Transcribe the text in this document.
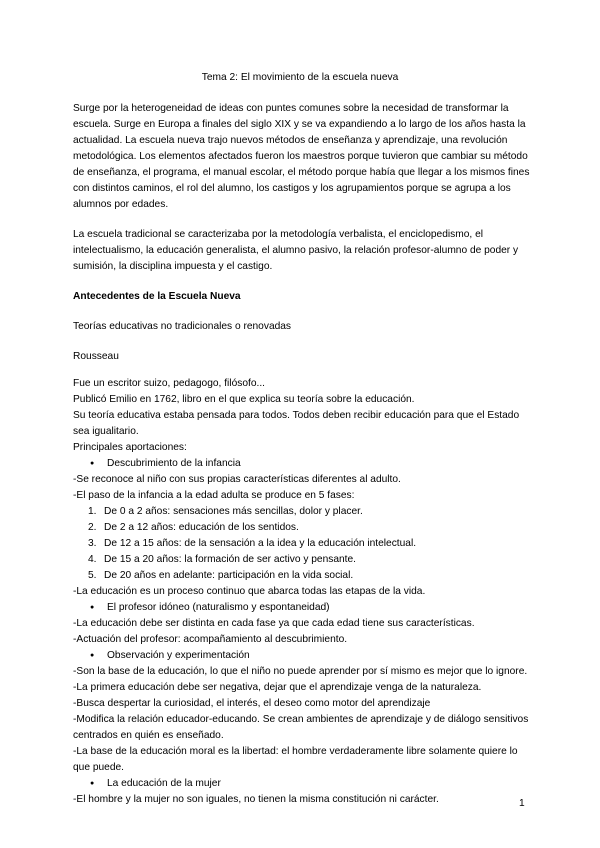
Tema 2: El movimiento de la escuela nueva

Surge por la heterogeneidad de ideas con puntes comunes sobre la necesidad de transformar la escuela. Surge en Europa a finales del siglo XIX y se va expandiendo a lo largo de los años hasta la actualidad. La escuela nueva trajo nuevos métodos de enseñanza y aprendizaje, una revolución metodológica. Los elementos afectados fueron los maestros porque tuvieron que cambiar su método de enseñanza, el programa, el manual escolar, el método porque había que llegar a los mismos fines con distintos caminos, el rol del alumno, los castigos y los agrupamientos porque se agrupa a los alumnos por edades.

La escuela tradicional se caracterizaba por la metodología verbalista, el enciclopedismo, el intelectualismo, la educación generalista, el alumno pasivo, la relación profesor-alumno de poder y sumisión, la disciplina impuesta y el castigo.

Antecedentes de la Escuela Nueva

Teorías educativas no tradicionales o renovadas

Rousseau

Fue un escritor suizo, pedagogo, filósofo...

Publicó Emilio en 1762, libro en el que explica su teoría sobre la educación.

Su teoría educativa estaba pensada para todos. Todos deben recibir educación para que el Estado sea igualitario.

Principales aportaciones:

● Descubrimiento de la infancia

-Se reconoce al niño con sus propias características diferentes al adulto.

-El paso de la infancia a la edad adulta se produce en 5 fases:

1. De 0 a 2 años: sensaciones más sencillas, dolor y placer.
2. De 2 a 12 años: educación de los sentidos.
3. De 12 a 15 años: de la sensación a la idea y la educación intelectual.
4. De 15 a 20 años: la formación de ser activo y pensante.
5. De 20 años en adelante: participación en la vida social.

-La educación es un proceso continuo que abarca todas las etapas de la vida.

● El profesor idóneo (naturalismo y espontaneidad)

-La educación debe ser distinta en cada fase ya que cada edad tiene sus características.

-Actuación del profesor: acompañamiento al descubrimiento.

● Observación y experimentación

-Son la base de la educación, lo que el niño no puede aprender por sí mismo es mejor que lo ignore.

-La primera educación debe ser negativa, dejar que el aprendizaje venga de la naturaleza.

-Busca despertar la curiosidad, el interés, el deseo como motor del aprendizaje

-Modifica la relación educador-educando. Se crean ambientes de aprendizaje y de diálogo sensitivos centrados en quién es enseñado.

-La base de la educación moral es la libertad: el hombre verdaderamente libre solamente quiere lo que puede.

● La educación de la mujer

-El hombre y la mujer no son iguales, no tienen la misma constitución ni carácter.	1
